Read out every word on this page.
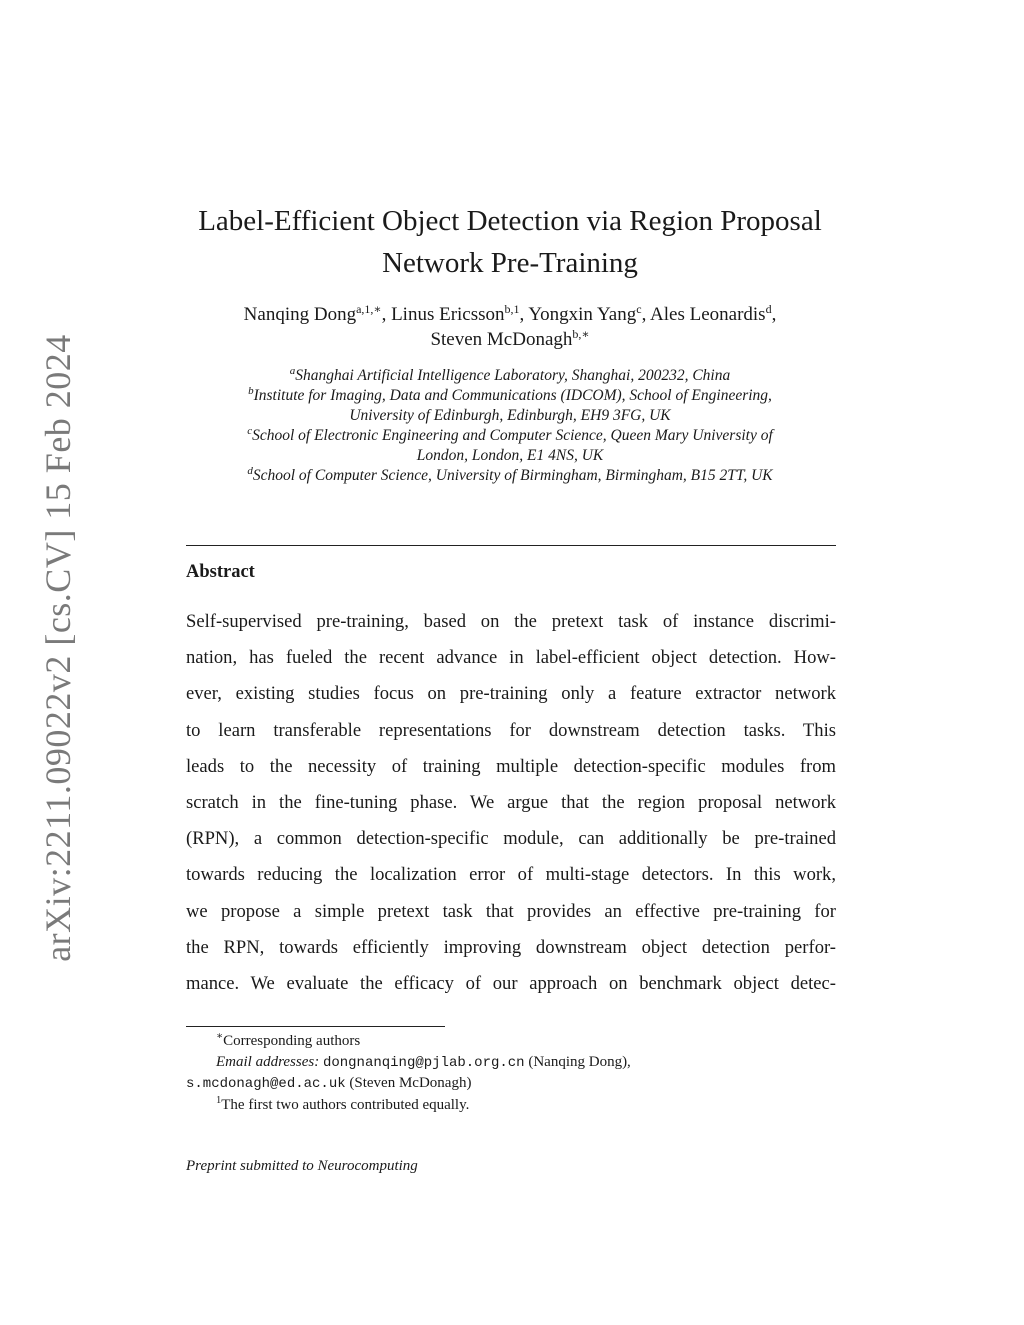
arXiv:2211.09022v2 [cs.CV] 15 Feb 2024
Label-Efficient Object Detection via Region Proposal
Network Pre-Training
Nanqing Dong$^{a,1,∗}$, Linus Ericsson$^{b,1}$, Yongxin Yang$^c$, Ales Leonardis$^d$,
Steven McDonagh$^{b,∗}$
$^a$Shanghai Artificial Intelligence Laboratory, Shanghai, 200232, China
$^b$Institute for Imaging, Data and Communications (IDCOM), School of Engineering,
University of Edinburgh, Edinburgh, EH9 3FG, UK
$^c$School of Electronic Engineering and Computer Science, Queen Mary University of
London, London, E1 4NS, UK
$^d$School of Computer Science, University of Birmingham, Birmingham, B15 2TT, UK
Abstract
Self-supervised pre-training, based on the pretext task of instance discrimi-
nation, has fueled the recent advance in label-efficient object detection. How-
ever, existing studies focus on pre-training only a feature extractor network
to learn transferable representations for downstream detection tasks. This
leads to the necessity of training multiple detection-specific modules from
scratch in the fine-tuning phase. We argue that the region proposal network
(RPN), a common detection-specific module, can additionally be pre-trained
towards reducing the localization error of multi-stage detectors. In this work,
we propose a simple pretext task that provides an effective pre-training for
the RPN, towards efficiently improving downstream object detection perfor-
mance. We evaluate the efficacy of our approach on benchmark object detec-
∗Corresponding authors
Email addresses: dongnanqing@pjlab.org.cn (Nanqing Dong),
s.mcdonagh@ed.ac.uk (Steven McDonagh)
$^1$The first two authors contributed equally.
Preprint submitted to Neurocomputing
